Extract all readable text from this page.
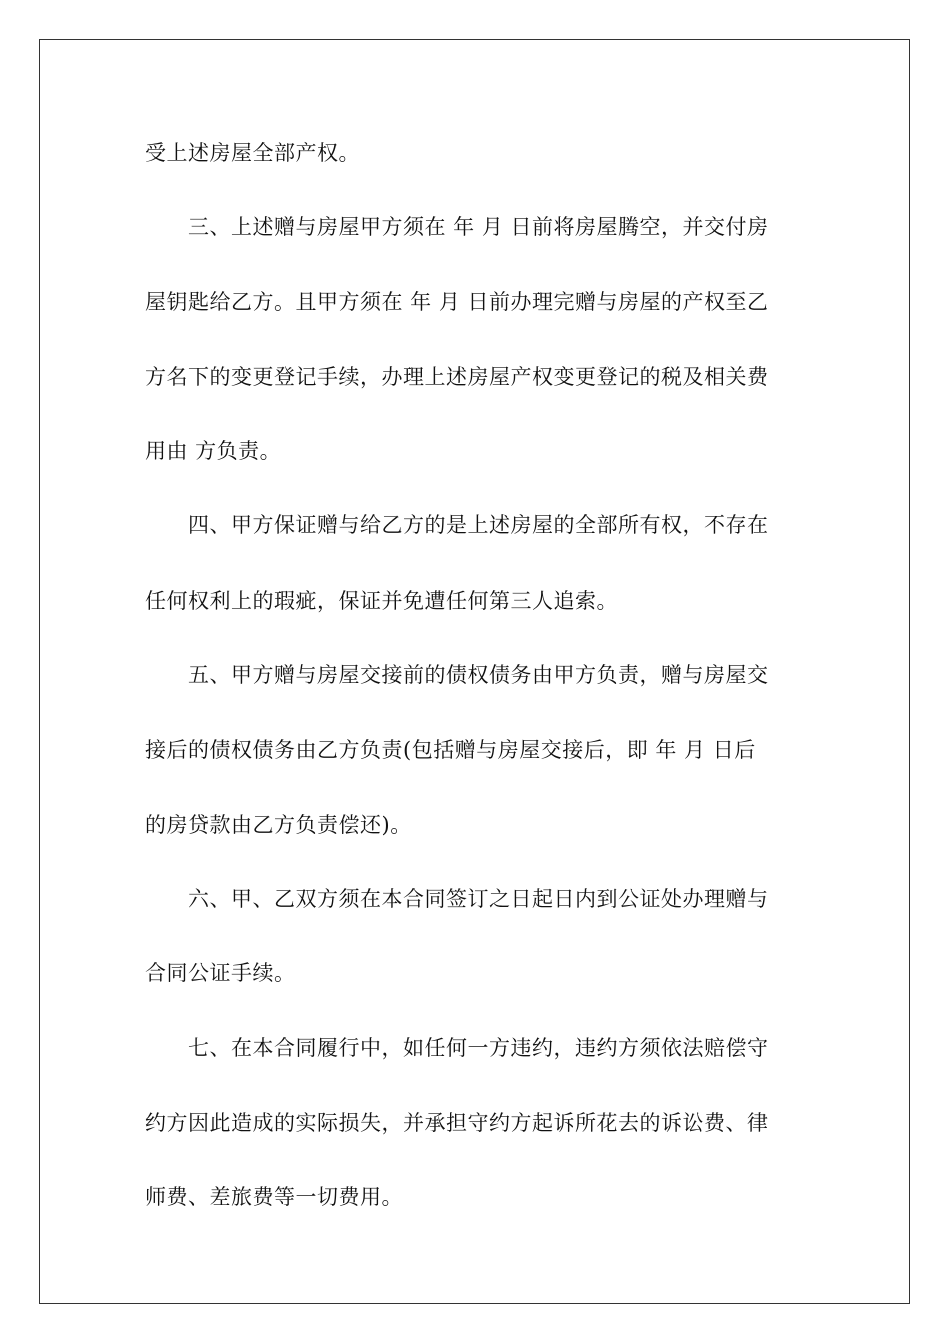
受上述房屋全部产权。
　　三、上述赠与房屋甲方须在 年 月 日前将房屋腾空，并交付房
屋钥匙给乙方。且甲方须在 年 月 日前办理完赠与房屋的产权至乙
方名下的变更登记手续，办理上述房屋产权变更登记的税及相关费
用由 方负责。
　　四、甲方保证赠与给乙方的是上述房屋的全部所有权，不存在
任何权利上的瑕疵，保证并免遭任何第三人追索。
　　五、甲方赠与房屋交接前的债权债务由甲方负责，赠与房屋交
接后的债权债务由乙方负责(包括赠与房屋交接后，即 年 月 日后
的房贷款由乙方负责偿还)。
　　六、甲、乙双方须在本合同签订之日起日内到公证处办理赠与
合同公证手续。
　　七、在本合同履行中，如任何一方违约，违约方须依法赔偿守
约方因此造成的实际损失，并承担守约方起诉所花去的诉讼费、律
师费、差旅费等一切费用。
